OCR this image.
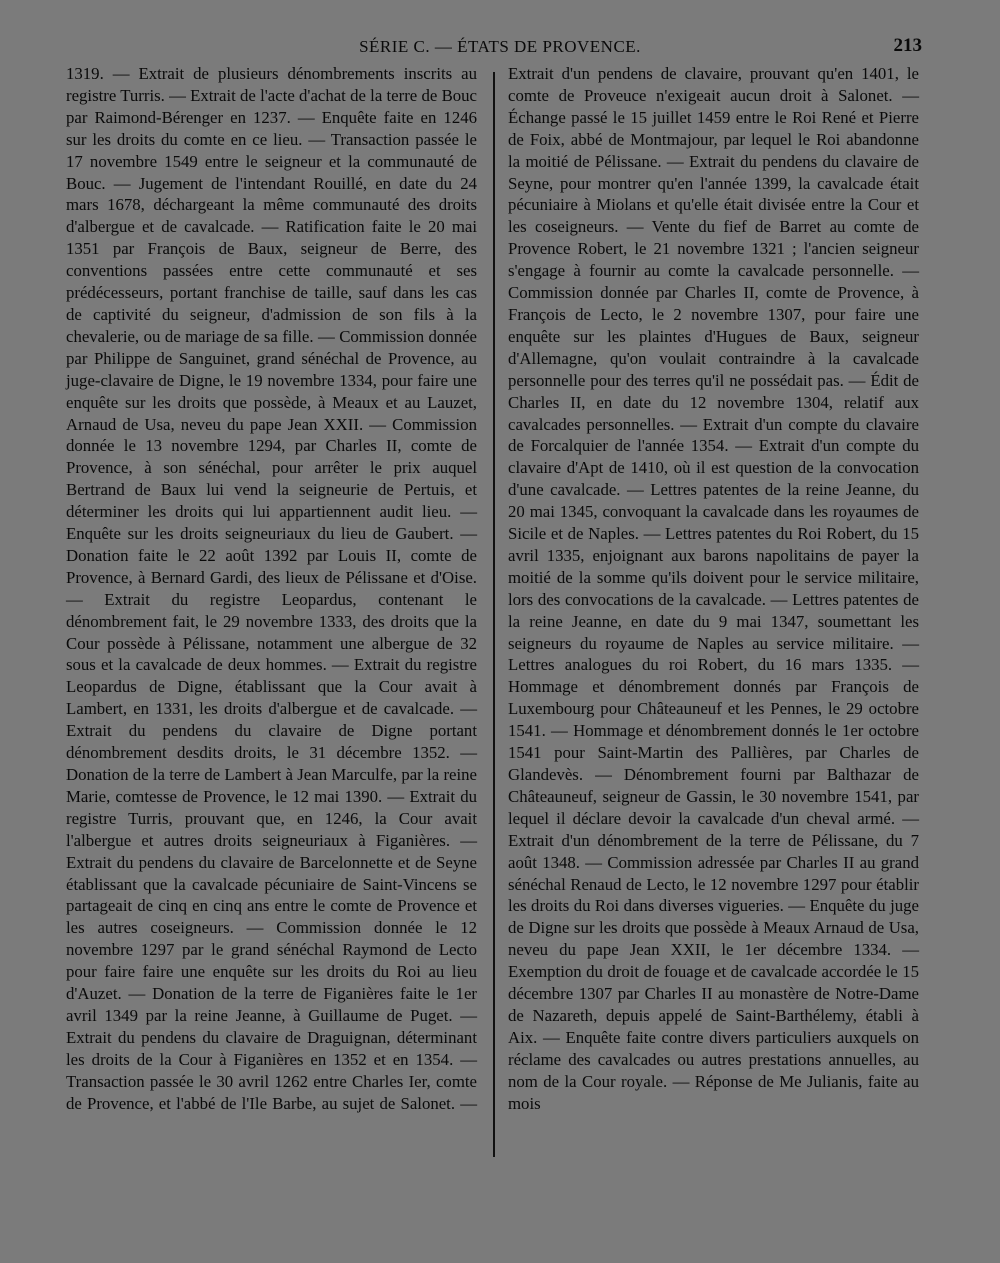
SÉRIE C. — ÉTATS DE PROVENCE.	213

1319. — Extrait de plusieurs dénombrements inscrits au registre Turris. — Extrait de l'acte d'achat de la terre de Bouc par Raimond-Bérenger en 1237. — Enquête faite en 1246 sur les droits du comte en ce lieu. — Transaction passée le 17 novembre 1549 entre le seigneur et la communauté de Bouc. — Jugement de l'intendant Rouillé, en date du 24 mars 1678, déchargeant la même communauté des droits d'albergue et de cavalcade. — Ratification faite le 20 mai 1351 par François de Baux, seigneur de Berre, des conventions passées entre cette communauté et ses prédécesseurs, portant franchise de taille, sauf dans les cas de captivité du seigneur, d'admission de son fils à la chevalerie, ou de mariage de sa fille. — Commission donnée par Philippe de Sanguinet, grand sénéchal de Provence, au juge-clavaire de Digne, le 19 novembre 1334, pour faire une enquête sur les droits que possède, à Meaux et au Lauzet, Arnaud de Usa, neveu du pape Jean XXII. — Commission donnée le 13 novembre 1294, par Charles II, comte de Provence, à son sénéchal, pour arrêter le prix auquel Bertrand de Baux lui vend la seigneurie de Pertuis, et déterminer les droits qui lui appartiennent audit lieu. — Enquête sur les droits seigneuriaux du lieu de Gaubert. — Donation faite le 22 août 1392 par Louis II, comte de Provence, à Bernard Gardi, des lieux de Pélissane et d'Oise. — Extrait du registre Leopardus, contenant le dénombrement fait, le 29 novembre 1333, des droits que la Cour possède à Pélissane, notamment une albergue de 32 sous et la cavalcade de deux hommes. — Extrait du registre Leopardus de Digne, établissant que la Cour avait à Lambert, en 1331, les droits d'albergue et de cavalcade. — Extrait du pendens du clavaire de Digne portant dénombrement desdits droits, le 31 décembre 1352. — Donation de la terre de Lambert à Jean Marculfe, par la reine Marie, comtesse de Provence, le 12 mai 1390. — Extrait du registre Turris, prouvant que, en 1246, la Cour avait l'albergue et autres droits seigneuriaux à Figanières. — Extrait du pendens du clavaire de Barcelonnette et de Seyne établissant que la cavalcade pécuniaire de Saint-Vincens se partageait de cinq en cinq ans entre le comte de Provence et les autres coseigneurs. — Commission donnée le 12 novembre 1297 par le grand sénéchal Raymond de Lecto pour faire faire une enquête sur les droits du Roi au lieu d'Auzet. — Donation de la terre de Figanières faite le 1er avril 1349 par la reine Jeanne, à Guillaume de Puget. — Extrait du pendens du clavaire de Draguignan, déterminant les droits de la Cour à Figanières en 1352 et en 1354. — Transaction passée le 30 avril 1262 entre Charles Ier, comte de Provence, et l'abbé de l'Ile Barbe, au sujet de Salonet. —

Extrait d'un pendens de clavaire, prouvant qu'en 1401, le comte de Proveuce n'exigeait aucun droit à Salonet. — Échange passé le 15 juillet 1459 entre le Roi René et Pierre de Foix, abbé de Montmajour, par lequel le Roi abandonne la moitié de Pélissane. — Extrait du pendens du clavaire de Seyne, pour montrer qu'en l'année 1399, la cavalcade était pécuniaire à Miolans et qu'elle était divisée entre la Cour et les coseigneurs. — Vente du fief de Barret au comte de Provence Robert, le 21 novembre 1321 ; l'ancien seigneur s'engage à fournir au comte la cavalcade personnelle. — Commission donnée par Charles II, comte de Provence, à François de Lecto, le 2 novembre 1307, pour faire une enquête sur les plaintes d'Hugues de Baux, seigneur d'Allemagne, qu'on voulait contraindre à la cavalcade personnelle pour des terres qu'il ne possédait pas. — Édit de Charles II, en date du 12 novembre 1304, relatif aux cavalcades personnelles. — Extrait d'un compte du clavaire de Forcalquier de l'année 1354. — Extrait d'un compte du clavaire d'Apt de 1410, où il est question de la convocation d'une cavalcade. — Lettres patentes de la reine Jeanne, du 20 mai 1345, convoquant la cavalcade dans les royaumes de Sicile et de Naples. — Lettres patentes du Roi Robert, du 15 avril 1335, enjoignant aux barons napolitains de payer la moitié de la somme qu'ils doivent pour le service militaire, lors des convocations de la cavalcade. — Lettres patentes de la reine Jeanne, en date du 9 mai 1347, soumettant les seigneurs du royaume de Naples au service militaire. — Lettres analogues du roi Robert, du 16 mars 1335. — Hommage et dénombrement donnés par François de Luxembourg pour Châteauneuf et les Pennes, le 29 octobre 1541. — Hommage et dénombrement donnés le 1er octobre 1541 pour Saint-Martin des Pallières, par Charles de Glandevès. — Dénombrement fourni par Balthazar de Châteauneuf, seigneur de Gassin, le 30 novembre 1541, par lequel il déclare devoir la cavalcade d'un cheval armé. — Extrait d'un dénombrement de la terre de Pélissane, du 7 août 1348. — Commission adressée par Charles II au grand sénéchal Renaud de Lecto, le 12 novembre 1297 pour établir les droits du Roi dans diverses vigueries. — Enquête du juge de Digne sur les droits que possède à Meaux Arnaud de Usa, neveu du pape Jean XXII, le 1er décembre 1334. — Exemption du droit de fouage et de cavalcade accordée le 15 décembre 1307 par Charles II au monastère de Notre-Dame de Nazareth, depuis appelé de Saint-Barthélemy, établi à Aix. — Enquête faite contre divers particuliers auxquels on réclame des cavalcades ou autres prestations annuelles, au nom de la Cour royale. — Réponse de Me Julianis, faite au mois
